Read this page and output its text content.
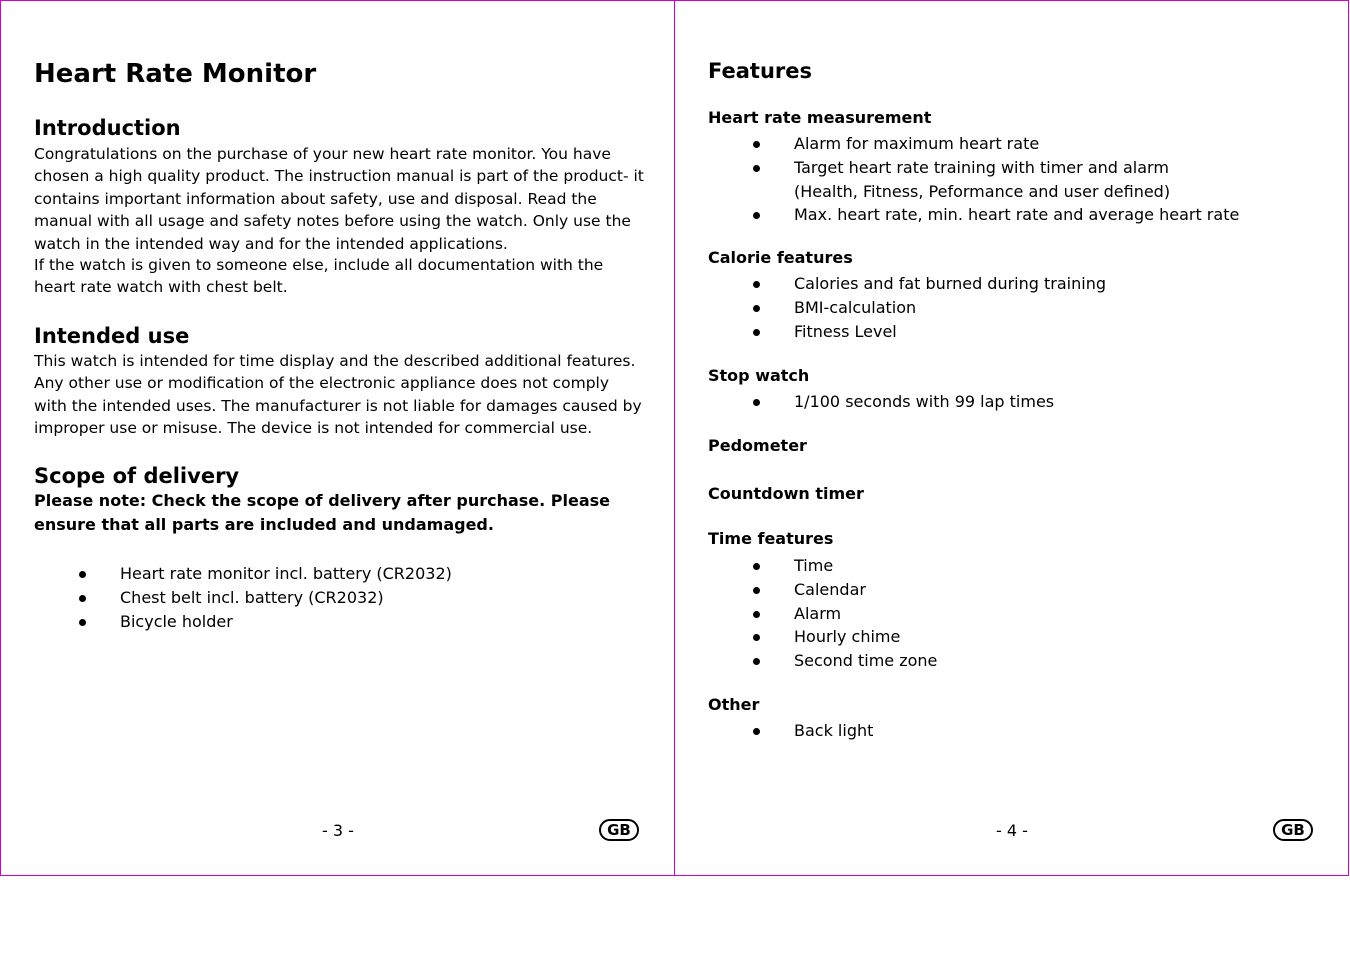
Heart Rate Monitor
Introduction

Congratulations on the purchase of your new heart rate monitor. You have chosen a high quality product. The instruction manual is part of the product- it contains important information about safety, use and disposal. Read the manual with all usage and safety notes before using the watch. Only use the watch in the intended way and for the intended applications.

If the watch is given to someone else, include all documentation with the heart rate watch with chest belt.

Intended use

This watch is intended for time display and the described additional features. Any other use or modification of the electronic appliance does not comply with the intended uses. The manufacturer is not liable for damages caused by improper use or misuse. The device is not intended for commercial use.

Scope of delivery

Please note: Check the scope of delivery after purchase. Please ensure that all parts are included and undamaged.

Heart rate monitor incl. battery (CR2032)
Chest belt incl. battery (CR2032)
Bicycle holder
- 3 -	GB
Features
Heart rate measurement
Alarm for maximum heart rate
Target heart rate training with timer and alarm
(Health, Fitness, Peformance and user defined)
Max. heart rate, min. heart rate and average heart rate
Calorie features
Calories and fat burned during training
BMI-calculation
Fitness Level
Stop watch
1/100 seconds with 99 lap times
Pedometer
Countdown timer
Time features
Time
Calendar
Alarm
Hourly chime
Second time zone
Other
Back light
- 4 -	GB
